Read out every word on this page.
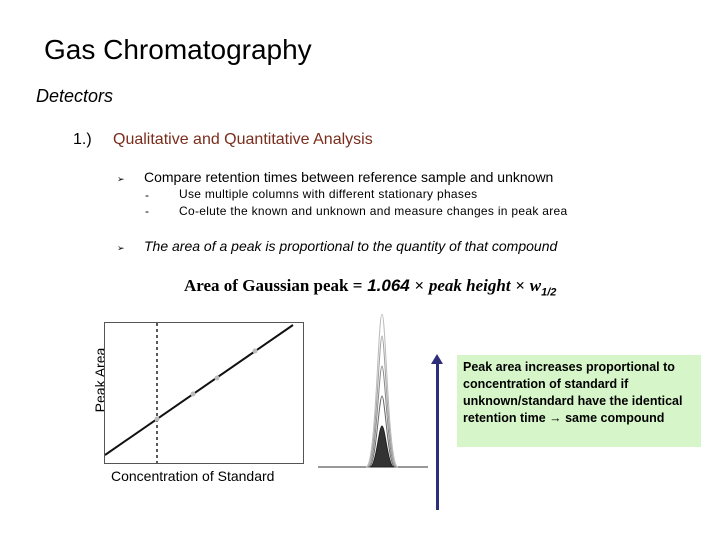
Gas Chromatography
Detectors
1.) Qualitative and Quantitative Analysis
➢ Compare retention times between reference sample and unknown
-	Use multiple columns with different stationary phases
-	Co-elute the known and unknown and measure changes in peak area
➢ The area of a peak is proportional to the quantity of that compound
Area of Gaussian peak = 1.064 × peak height × $w_{1/2}$
Peak Area
Concentration of Standard
Peak area increases proportional to concentration of standard if unknown/standard have the identical retention time → same compound
